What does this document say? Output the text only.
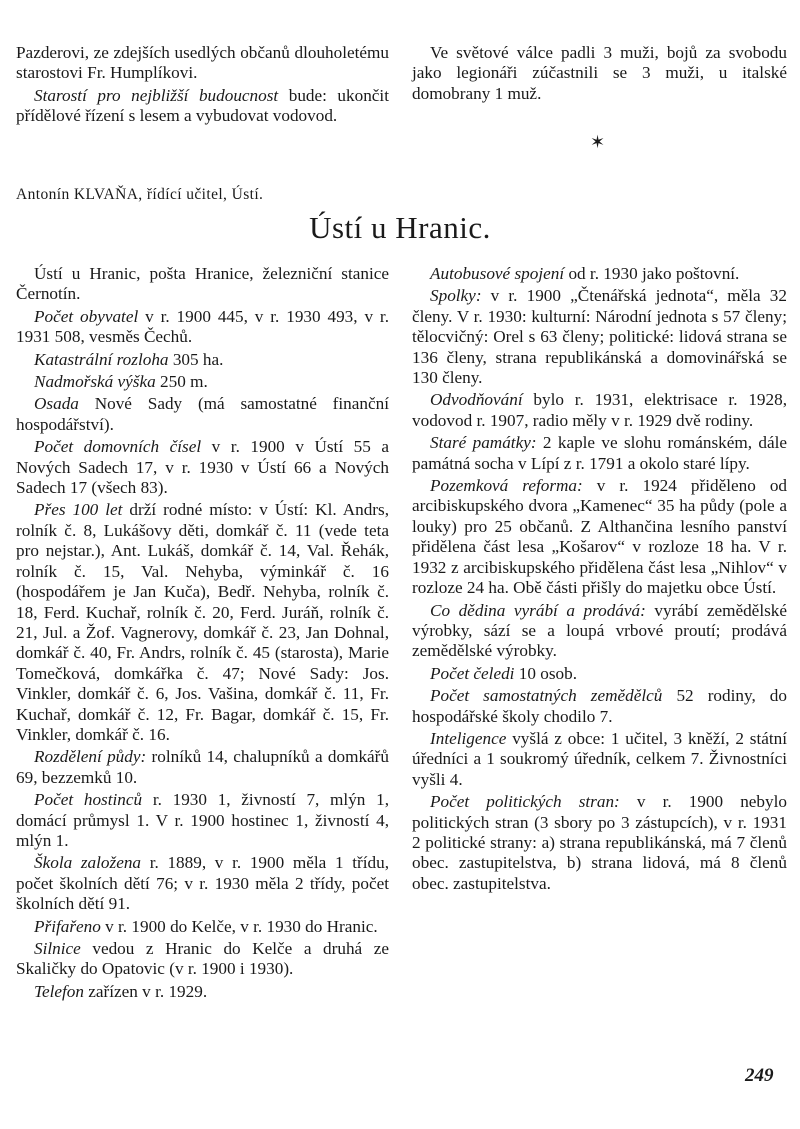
Pazderovi, ze zdejších usedlých občanů dlouholetému starostovi Fr. Humplíkovi.

Starostí pro nejbližší budoucnost bude: ukončit přídělové řízení s lesem a vybudovat vodovod.

Ve světové válce padli 3 muži, bojů za svobodu jako legionáři zúčastnili se 3 muži, u italské domobrany 1 muž.

✶
Antonín KLVAŇA, řídící učitel, Ústí.
Ústí u Hranic.

Ústí u Hranic, pošta Hranice, železniční stanice Černotín.

Počet obyvatel v r. 1900 445, v r. 1930 493, v r. 1931 508, vesměs Čechů.

Katastrální rozloha 305 ha.

Nadmořská výška 250 m.

Osada Nové Sady (má samostatné finanční hospodářství).

Počet domovních čísel v r. 1900 v Ústí 55 a Nových Sadech 17, v r. 1930 v Ústí 66 a Nových Sadech 17 (všech 83).

Přes 100 let drží rodné místo: v Ústí: Kl. Andrs, rolník č. 8, Lukášovy děti, domkář č. 11 (vede teta pro nejstar.), Ant. Lukáš, domkář č. 14, Val. Řehák, rolník č. 15, Val. Nehyba, výminkář č. 16 (hospodářem je Jan Kuča), Bedř. Nehyba, rolník č. 18, Ferd. Kuchař, rolník č. 20, Ferd. Juráň, rolník č. 21, Jul. a Žof. Vagnerovy, domkář č. 23, Jan Dohnal, domkář č. 40, Fr. Andrs, rolník č. 45 (starosta), Marie Tomečková, domkářka č. 47; Nové Sady: Jos. Vinkler, domkář č. 6, Jos. Vašina, domkář č. 11, Fr. Kuchař, domkář č. 12, Fr. Bagar, domkář č. 15, Fr. Vinkler, domkář č. 16.

Rozdělení půdy: rolníků 14, chalupníků a domkářů 69, bezzemků 10.

Počet hostinců r. 1930 1, živností 7, mlýn 1, domácí průmysl 1. V r. 1900 hostinec 1, živností 4, mlýn 1.

Škola založena r. 1889, v r. 1900 měla 1 třídu, počet školních dětí 76; v r. 1930 měla 2 třídy, počet školních dětí 91.

Přifařeno v r. 1900 do Kelče, v r. 1930 do Hranic.

Silnice vedou z Hranic do Kelče a druhá ze Skaličky do Opatovic (v r. 1900 i 1930).

Telefon zařízen v r. 1929.

Autobusové spojení od r. 1930 jako poštovní.

Spolky: v r. 1900 „Čtenářská jednota“, měla 32 členy. V r. 1930: kulturní: Národní jednota s 57 členy; tělocvičný: Orel s 63 členy; politické: lidová strana se 136 členy, strana republikánská a domovinářská se 130 členy.

Odvodňování bylo r. 1931, elektrisace r. 1928, vodovod r. 1907, radio měly v r. 1929 dvě rodiny.

Staré památky: 2 kaple ve slohu románském, dále památná socha v Lípí z r. 1791 a okolo staré lípy.

Pozemková reforma: v r. 1924 přiděleno od arcibiskupského dvora „Kamenec“ 35 ha půdy (pole a louky) pro 25 občanů. Z Althančina lesního panství přidělena část lesa „Košarov“ v rozloze 18 ha. V r. 1932 z arcibiskupského přidělena část lesa „Nihlov“ v rozloze 24 ha. Obě části přišly do majetku obce Ústí.

Co dědina vyrábí a prodává: vyrábí zemědělské výrobky, sází se a loupá vrbové proutí; prodává zemědělské výrobky.

Počet čeledi 10 osob.

Počet samostatných zemědělců 52 rodiny, do hospodářské školy chodilo 7.

Inteligence vyšlá z obce: 1 učitel, 3 kněží, 2 státní úředníci a 1 soukromý úředník, celkem 7. Živnostníci vyšli 4.

Počet politických stran: v r. 1900 nebylo politických stran (3 sbory po 3 zástupcích), v r. 1931 2 politické strany: a) strana republikánská, má 7 členů obec. zastupitelstva, b) strana lidová, má 8 členů obec. zastupitelstva.

249
